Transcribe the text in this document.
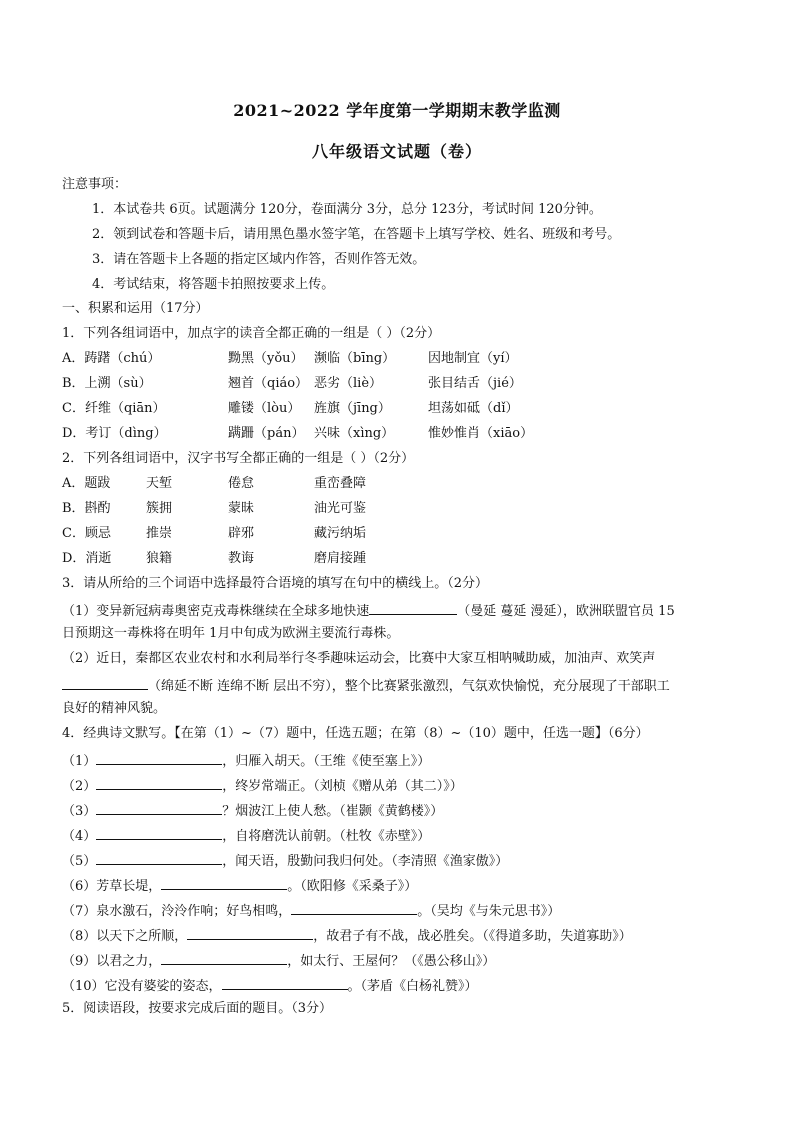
2021~2022 学年度第一学期期末教学监测
八年级语文试题（卷）
注意事项：
1．本试卷共 6页。试题满分 120分，卷面满分 3分，总分 123分，考试时间 120分钟。
2．领到试卷和答题卡后，请用黑色墨水签字笔，在答题卡上填写学校、姓名、班级和考号。
3．请在答题卡上各题的指定区域内作答，否则作答无效。
4．考试结束，将答题卡拍照按要求上传。
一、积累和运用（17分）
1．下列各组词语中，加点字的读音全都正确的一组是（ ）（2分）
A．踌躇（chú）	黝黑（yǒu） 濒临（bīng）	因地制宜（yí）
B．上溯（sù）	翘首（qiáo） 恶劣（liè）	张目结舌（jié）
C．纤维（qiān）	雕镂（lòu） 旌旗（jīng）	坦荡如砥（dǐ）
D．考订（dìng）	蹒跚（pán） 兴味（xìng）	惟妙惟肖（xiāo）
2．下列各组词语中，汉字书写全都正确的一组是（ ）（2分）
A．题跋	天堑	倦怠	重峦叠障
B．斟酌	簇拥	蒙昧	油光可鉴
C．顾忌	推崇	辟邪	藏污纳垢
D．消逝	狼籍	教诲	磨肩接踵
3．请从所给的三个词语中选择最符合语境的填写在句中的横线上。（2分）
（1）变异新冠病毒奥密克戎毒株继续在全球多地快速	（曼延 蔓延 漫延），欧洲联盟官员 15
日预期这一毒株将在明年 1月中旬成为欧洲主要流行毒株。
（2）近日，秦都区农业农村和水利局举行冬季趣味运动会，比赛中大家互相呐喊助威，加油声、欢笑声
（绵延不断 连绵不断 层出不穷），整个比赛紧张激烈，气氛欢快愉悦，充分展现了干部职工
良好的精神风貌。
4．经典诗文默写。【在第（1）~（7）题中，任选五题；在第（8）~（10）题中，任选一题】（6分）
（1）	，归雁入胡天。（王维《使至塞上》）
（2）	，终岁常端正。（刘桢《赠从弟（其二）》）
（3）	？烟波江上使人愁。（崔颢《黄鹤楼》）
（4）	，自将磨洗认前朝。（杜牧《赤壁》）
（5）	，闻天语，殷勤问我归何处。（李清照《渔家傲》）
（6）芳草长堤，	。（欧阳修《采桑子》）
（7）泉水激石，泠泠作响；好鸟相鸣，	。（吴均《与朱元思书》）
（8）以天下之所顺，	，故君子有不战，战必胜矣。（《得道多助，失道寡助》）
（9）以君之力，	，如太行、王屋何？（《愚公移山》）
（10）它没有婆娑的姿态，	。（茅盾《白杨礼赞》）
5．阅读语段，按要求完成后面的题目。（3分）
